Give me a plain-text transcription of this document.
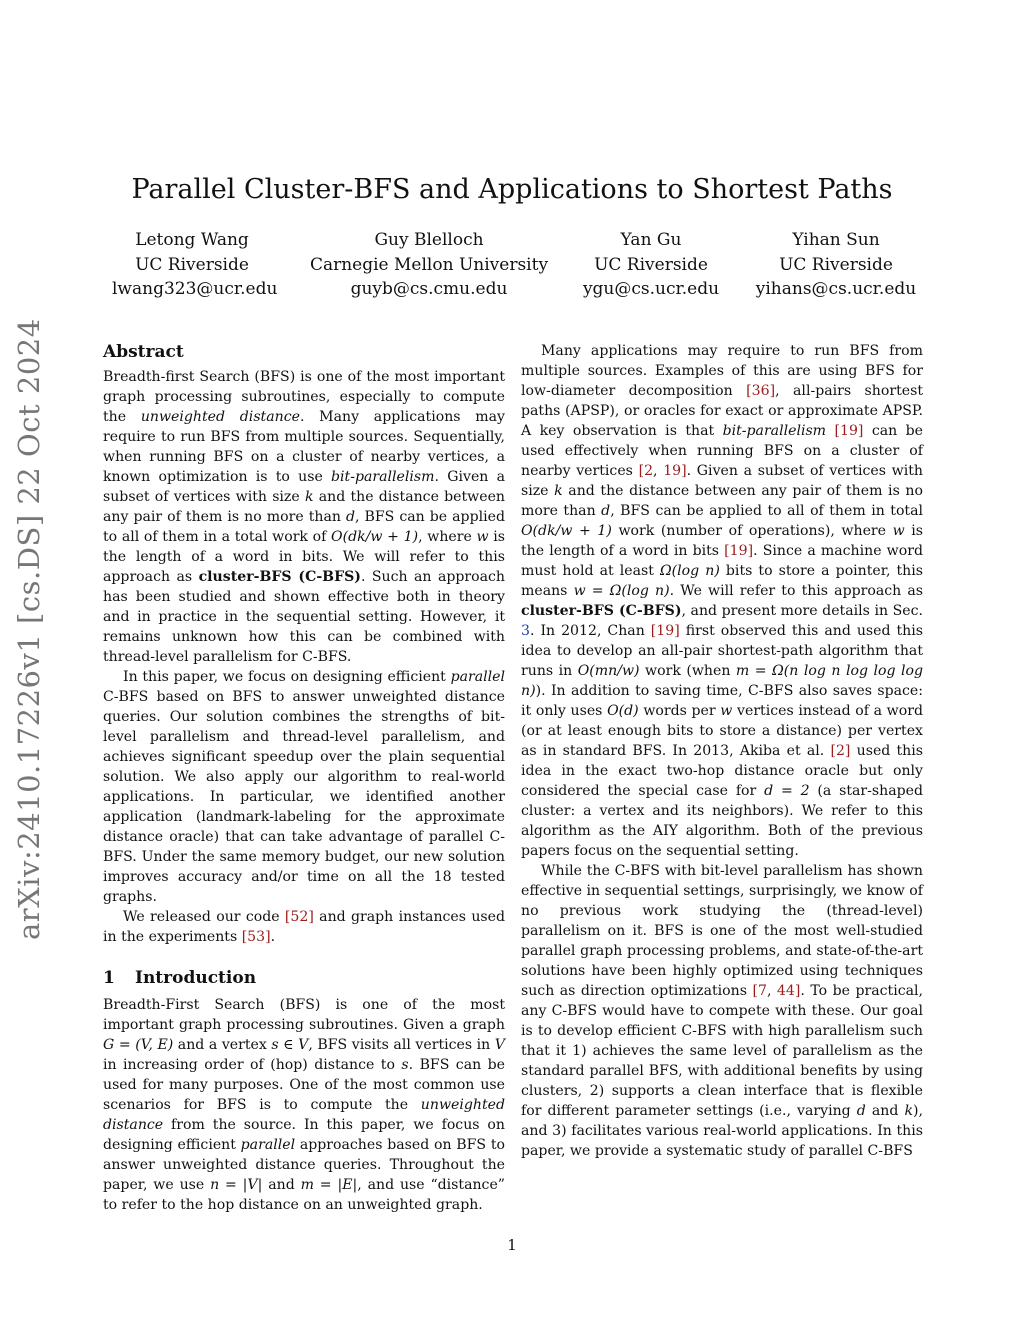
arXiv:2410.17226v1 [cs.DS] 22 Oct 2024
Parallel Cluster-BFS and Applications to Shortest Paths
Letong Wang
UC Riverside
lwang323@ucr.edu
Guy Blelloch
Carnegie Mellon University
guyb@cs.cmu.edu
Yan Gu
UC Riverside
ygu@cs.ucr.edu
Yihan Sun
UC Riverside
yihans@cs.ucr.edu
Abstract

Breadth-first Search (BFS) is one of the most important graph processing subroutines, especially to compute the unweighted distance. Many applications may require to run BFS from multiple sources. Sequentially, when running BFS on a cluster of nearby vertices, a known optimization is to use bit-parallelism. Given a subset of vertices with size k and the distance between any pair of them is no more than d, BFS can be applied to all of them in a total work of O(dk/w + 1), where w is the length of a word in bits. We will refer to this approach as cluster-BFS (C-BFS). Such an approach has been studied and shown effective both in theory and in practice in the sequential setting. However, it remains unknown how this can be combined with thread-level parallelism for C-BFS.

In this paper, we focus on designing efficient parallel C-BFS based on BFS to answer unweighted distance queries. Our solution combines the strengths of bit-level parallelism and thread-level parallelism, and achieves significant speedup over the plain sequential solution. We also apply our algorithm to real-world applications. In particular, we identified another application (landmark-labeling for the approximate distance oracle) that can take advantage of parallel C-BFS. Under the same memory budget, our new solution improves accuracy and/or time on all the 18 tested graphs.

We released our code [52] and graph instances used in the experiments [53].

1 Introduction

Breadth-First Search (BFS) is one of the most important graph processing subroutines. Given a graph G = (V, E) and a vertex s ∈ V, BFS visits all vertices in V in increasing order of (hop) distance to s. BFS can be used for many purposes. One of the most common use scenarios for BFS is to compute the unweighted distance from the source. In this paper, we focus on designing efficient parallel approaches based on BFS to answer unweighted distance queries. Throughout the paper, we use n = |V| and m = |E|, and use “distance” to refer to the hop distance on an unweighted graph.

Many applications may require to run BFS from multiple sources. Examples of this are using BFS for low-diameter decomposition [36], all-pairs shortest paths (APSP), or oracles for exact or approximate APSP. A key observation is that bit-parallelism [19] can be used effectively when running BFS on a cluster of nearby vertices [2, 19]. Given a subset of vertices with size k and the distance between any pair of them is no more than d, BFS can be applied to all of them in total O(dk/w + 1) work (number of operations), where w is the length of a word in bits [19]. Since a machine word must hold at least Ω(log n) bits to store a pointer, this means w = Ω(log n). We will refer to this approach as cluster-BFS (C-BFS), and present more details in Sec. 3. In 2012, Chan [19] first observed this and used this idea to develop an all-pair shortest-path algorithm that runs in O(mn/w) work (when m = Ω(n log n log log log n)). In addition to saving time, C-BFS also saves space: it only uses O(d) words per w vertices instead of a word (or at least enough bits to store a distance) per vertex as in standard BFS. In 2013, Akiba et al. [2] used this idea in the exact two-hop distance oracle but only considered the special case for d = 2 (a star-shaped cluster: a vertex and its neighbors). We refer to this algorithm as the AIY algorithm. Both of the previous papers focus on the sequential setting.

While the C-BFS with bit-level parallelism has shown effective in sequential settings, surprisingly, we know of no previous work studying the (thread-level) parallelism on it. BFS is one of the most well-studied parallel graph processing problems, and state-of-the-art solutions have been highly optimized using techniques such as direction optimizations [7, 44]. To be practical, any C-BFS would have to compete with these. Our goal is to develop efficient C-BFS with high parallelism such that it 1) achieves the same level of parallelism as the standard parallel BFS, with additional benefits by using clusters, 2) supports a clean interface that is flexible for different parameter settings (i.e., varying d and k), and 3) facilitates various real-world applications. In this paper, we provide a systematic study of parallel C-BFS

1
